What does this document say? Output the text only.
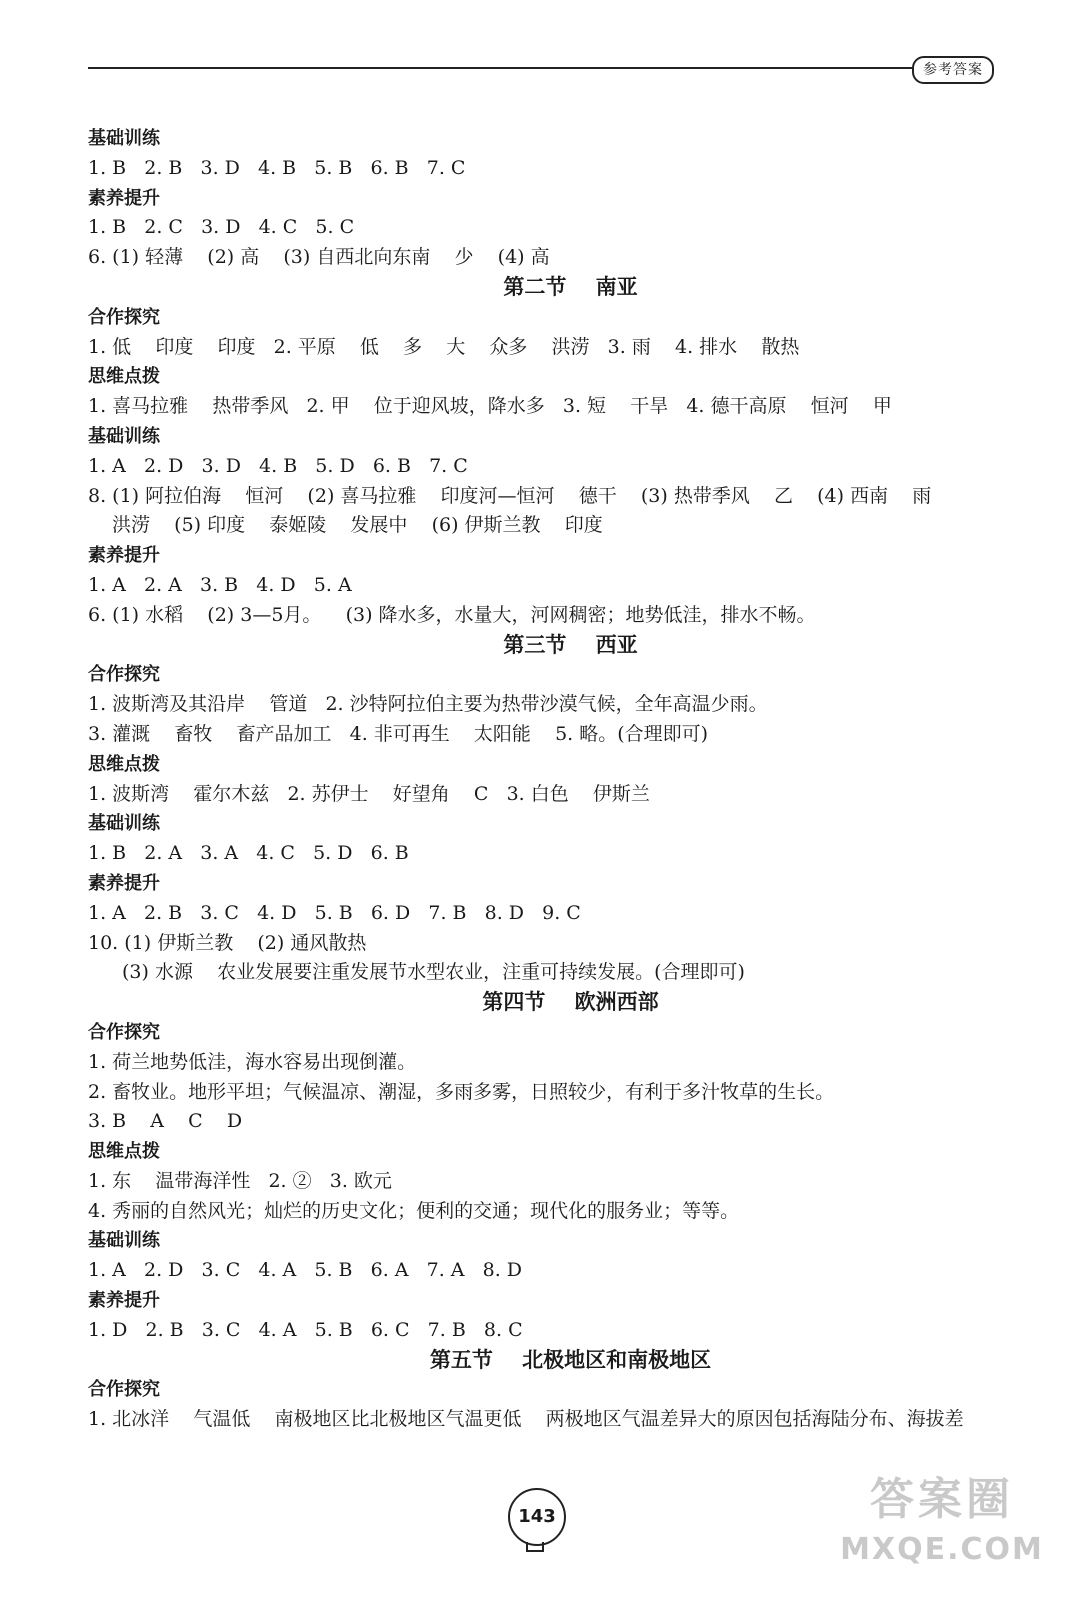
参考答案
基础训练
1. B   2. B   3. D   4. B   5. B   6. B   7. C
素养提升
1. B   2. C   3. D   4. C   5. C
6. (1) 轻薄    (2) 高    (3) 自西北向东南    少    (4) 高
第二节    南亚
合作探究
1. 低    印度    印度   2. 平原    低    多    大    众多    洪涝   3. 雨    4. 排水    散热
思维点拨
1. 喜马拉雅    热带季风   2. 甲    位于迎风坡，降水多   3. 短    干旱   4. 德干高原    恒河    甲
基础训练
1. A   2. D   3. D   4. B   5. D   6. B   7. C
8. (1) 阿拉伯海    恒河    (2) 喜马拉雅    印度河—恒河    德干    (3) 热带季风    乙    (4) 西南    雨
洪涝    (5) 印度    泰姬陵    发展中    (6) 伊斯兰教    印度
素养提升
1. A   2. A   3. B   4. D   5. A
6. (1) 水稻    (2) 3—5月。    (3) 降水多，水量大，河网稠密；地势低洼，排水不畅。
第三节    西亚
合作探究
1. 波斯湾及其沿岸    管道   2. 沙特阿拉伯主要为热带沙漠气候，全年高温少雨。
3. 灌溉    畜牧    畜产品加工   4. 非可再生    太阳能    5. 略。(合理即可)
思维点拨
1. 波斯湾    霍尔木兹   2. 苏伊士    好望角    C   3. 白色    伊斯兰
基础训练
1. B   2. A   3. A   4. C   5. D   6. B
素养提升
1. A   2. B   3. C   4. D   5. B   6. D   7. B   8. D   9. C
10. (1) 伊斯兰教    (2) 通风散热
(3) 水源    农业发展要注重发展节水型农业，注重可持续发展。(合理即可)
第四节    欧洲西部
合作探究
1. 荷兰地势低洼，海水容易出现倒灌。
2. 畜牧业。地形平坦；气候温凉、潮湿，多雨多雾，日照较少，有利于多汁牧草的生长。
3. B    A    C    D
思维点拨
1. 东    温带海洋性   2. ②   3. 欧元
4. 秀丽的自然风光；灿烂的历史文化；便利的交通；现代化的服务业；等等。
基础训练
1. A   2. D   3. C   4. A   5. B   6. A   7. A   8. D
素养提升
1. D   2. B   3. C   4. A   5. B   6. C   7. B   8. C
第五节    北极地区和南极地区
合作探究
1. 北冰洋    气温低    南极地区比北极地区气温更低    两极地区气温差异大的原因包括海陆分布、海拔差
143	答案圈
MXQE.COM
